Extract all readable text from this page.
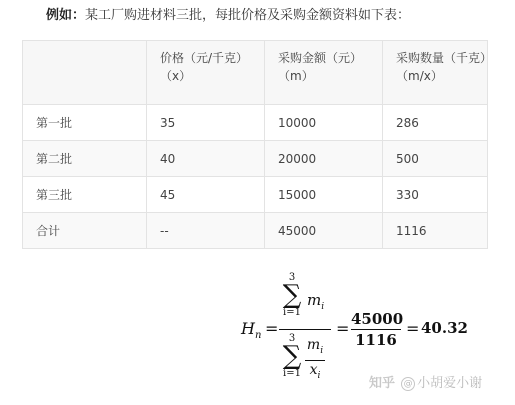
例如：某工厂购进材料三批，每批价格及采购金额资料如下表：
	价格（元/千克）（x）	采购金额（元）（m）	采购数量（千克）（m/x）
第一批	35	10000	286
第二批	40	20000	500
第三批	45	15000	330
合计	--	45000	1116
$H_n$ =
3
∑
i=1
$m_i$
3
∑
i=1
$m_i$
$x_i$
= 45000
1116
= 40.32
知乎 @ 小胡爱小谢
